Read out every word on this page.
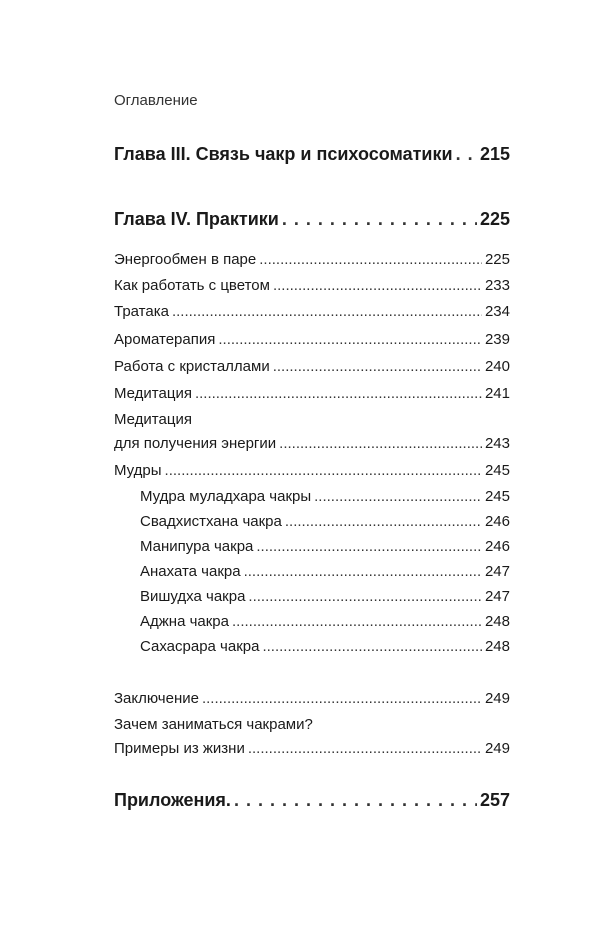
Оглавление
Глава III. Связь чакр и психосоматики . . . 215
Глава IV. Практики . . .	225
Энергообмен в паре .....	225
Как работать с цветом .....	233
Тратака .....	234
Ароматерапия .....	239
Работа с кристаллами .....	240
Медитация .....	241
Медитация
для получения энергии .....	243
Мудры .....	245
Мудра муладхара чакры .....	245
Свадхистхана чакра .....	246
Манипура чакра .....	246
Анахата чакра .....	247
Вишудха чакра .....	247
Аджна чакра .....	248
Сахасрара чакра .....	248
Заключение .....	249
Зачем заниматься чакрами?
Примеры из жизни .....	249
Приложения. . . .	257
